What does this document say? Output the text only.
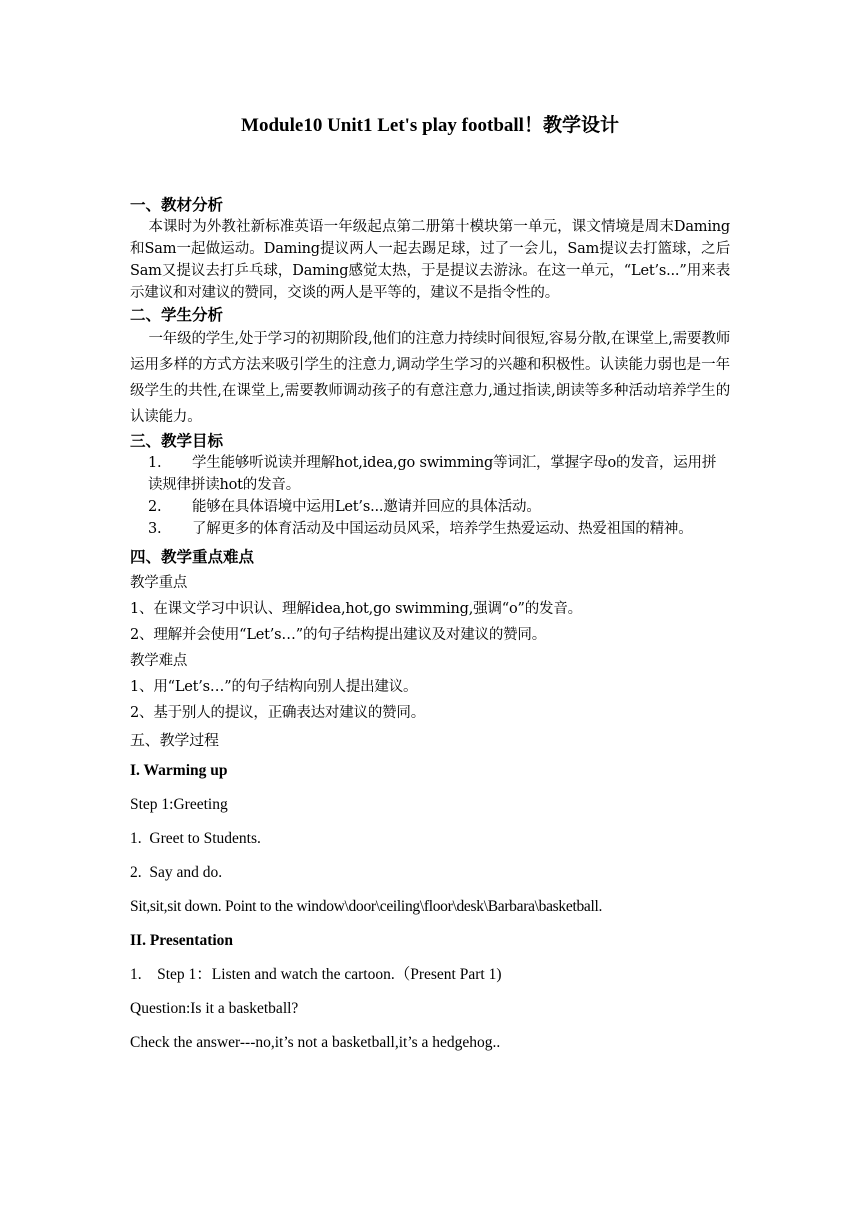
Module10 Unit1 Let's play football！教学设计
一、教材分析
本课时为外教社新标准英语一年级起点第二册第十模块第一单元，课文情境是周末Daming 和Sam一起做运动。Daming提议两人一起去踢足球，过了一会儿，Sam提议去打篮球，之后Sam又提议去打乒乓球，Daming感觉太热，于是提议去游泳。在这一单元，“Let’s...”用来表示建议和对建议的赞同，交谈的两人是平等的，建议不是指令性的。
二、学生分析
一年级的学生,处于学习的初期阶段,他们的注意力持续时间很短,容易分散,在课堂上,需要教师运用多样的方式方法来吸引学生的注意力,调动学生学习的兴趣和积极性。认读能力弱也是一年级学生的共性,在课堂上,需要教师调动孩子的有意注意力,通过指读,朗读等多种活动培养学生的认读能力。
三、教学目标
1. 学生能够听说读并理解hot,idea,go swimming等词汇，掌握字母o的发音，运用拼读规律拼读hot的发音。
2. 能够在具体语境中运用Let’s...邀请并回应的具体活动。
3. 了解更多的体育活动及中国运动员风采，培养学生热爱运动、热爱祖国的精神。
四、教学重点难点
教学重点
1、在课文学习中识认、理解idea,hot,go swimming,强调“o”的发音。
2、理解并会使用“Let’s…”的句子结构提出建议及对建议的赞同。
教学难点
1、用“Let’s…”的句子结构向别人提出建议。
2、基于别人的提议，正确表达对建议的赞同。
五、教学过程
I. Warming up
Step 1:Greeting
1.  Greet to Students.
2.  Say and do.
Sit,sit,sit down. Point to the window\door\ceiling\floor\desk\Barbara\basketball.
II. Presentation
1.    Step 1：Listen and watch the cartoon.（Present Part 1)
Question:Is it a basketball?
Check the answer---no,it’s not a basketball,it’s a hedgehog..
